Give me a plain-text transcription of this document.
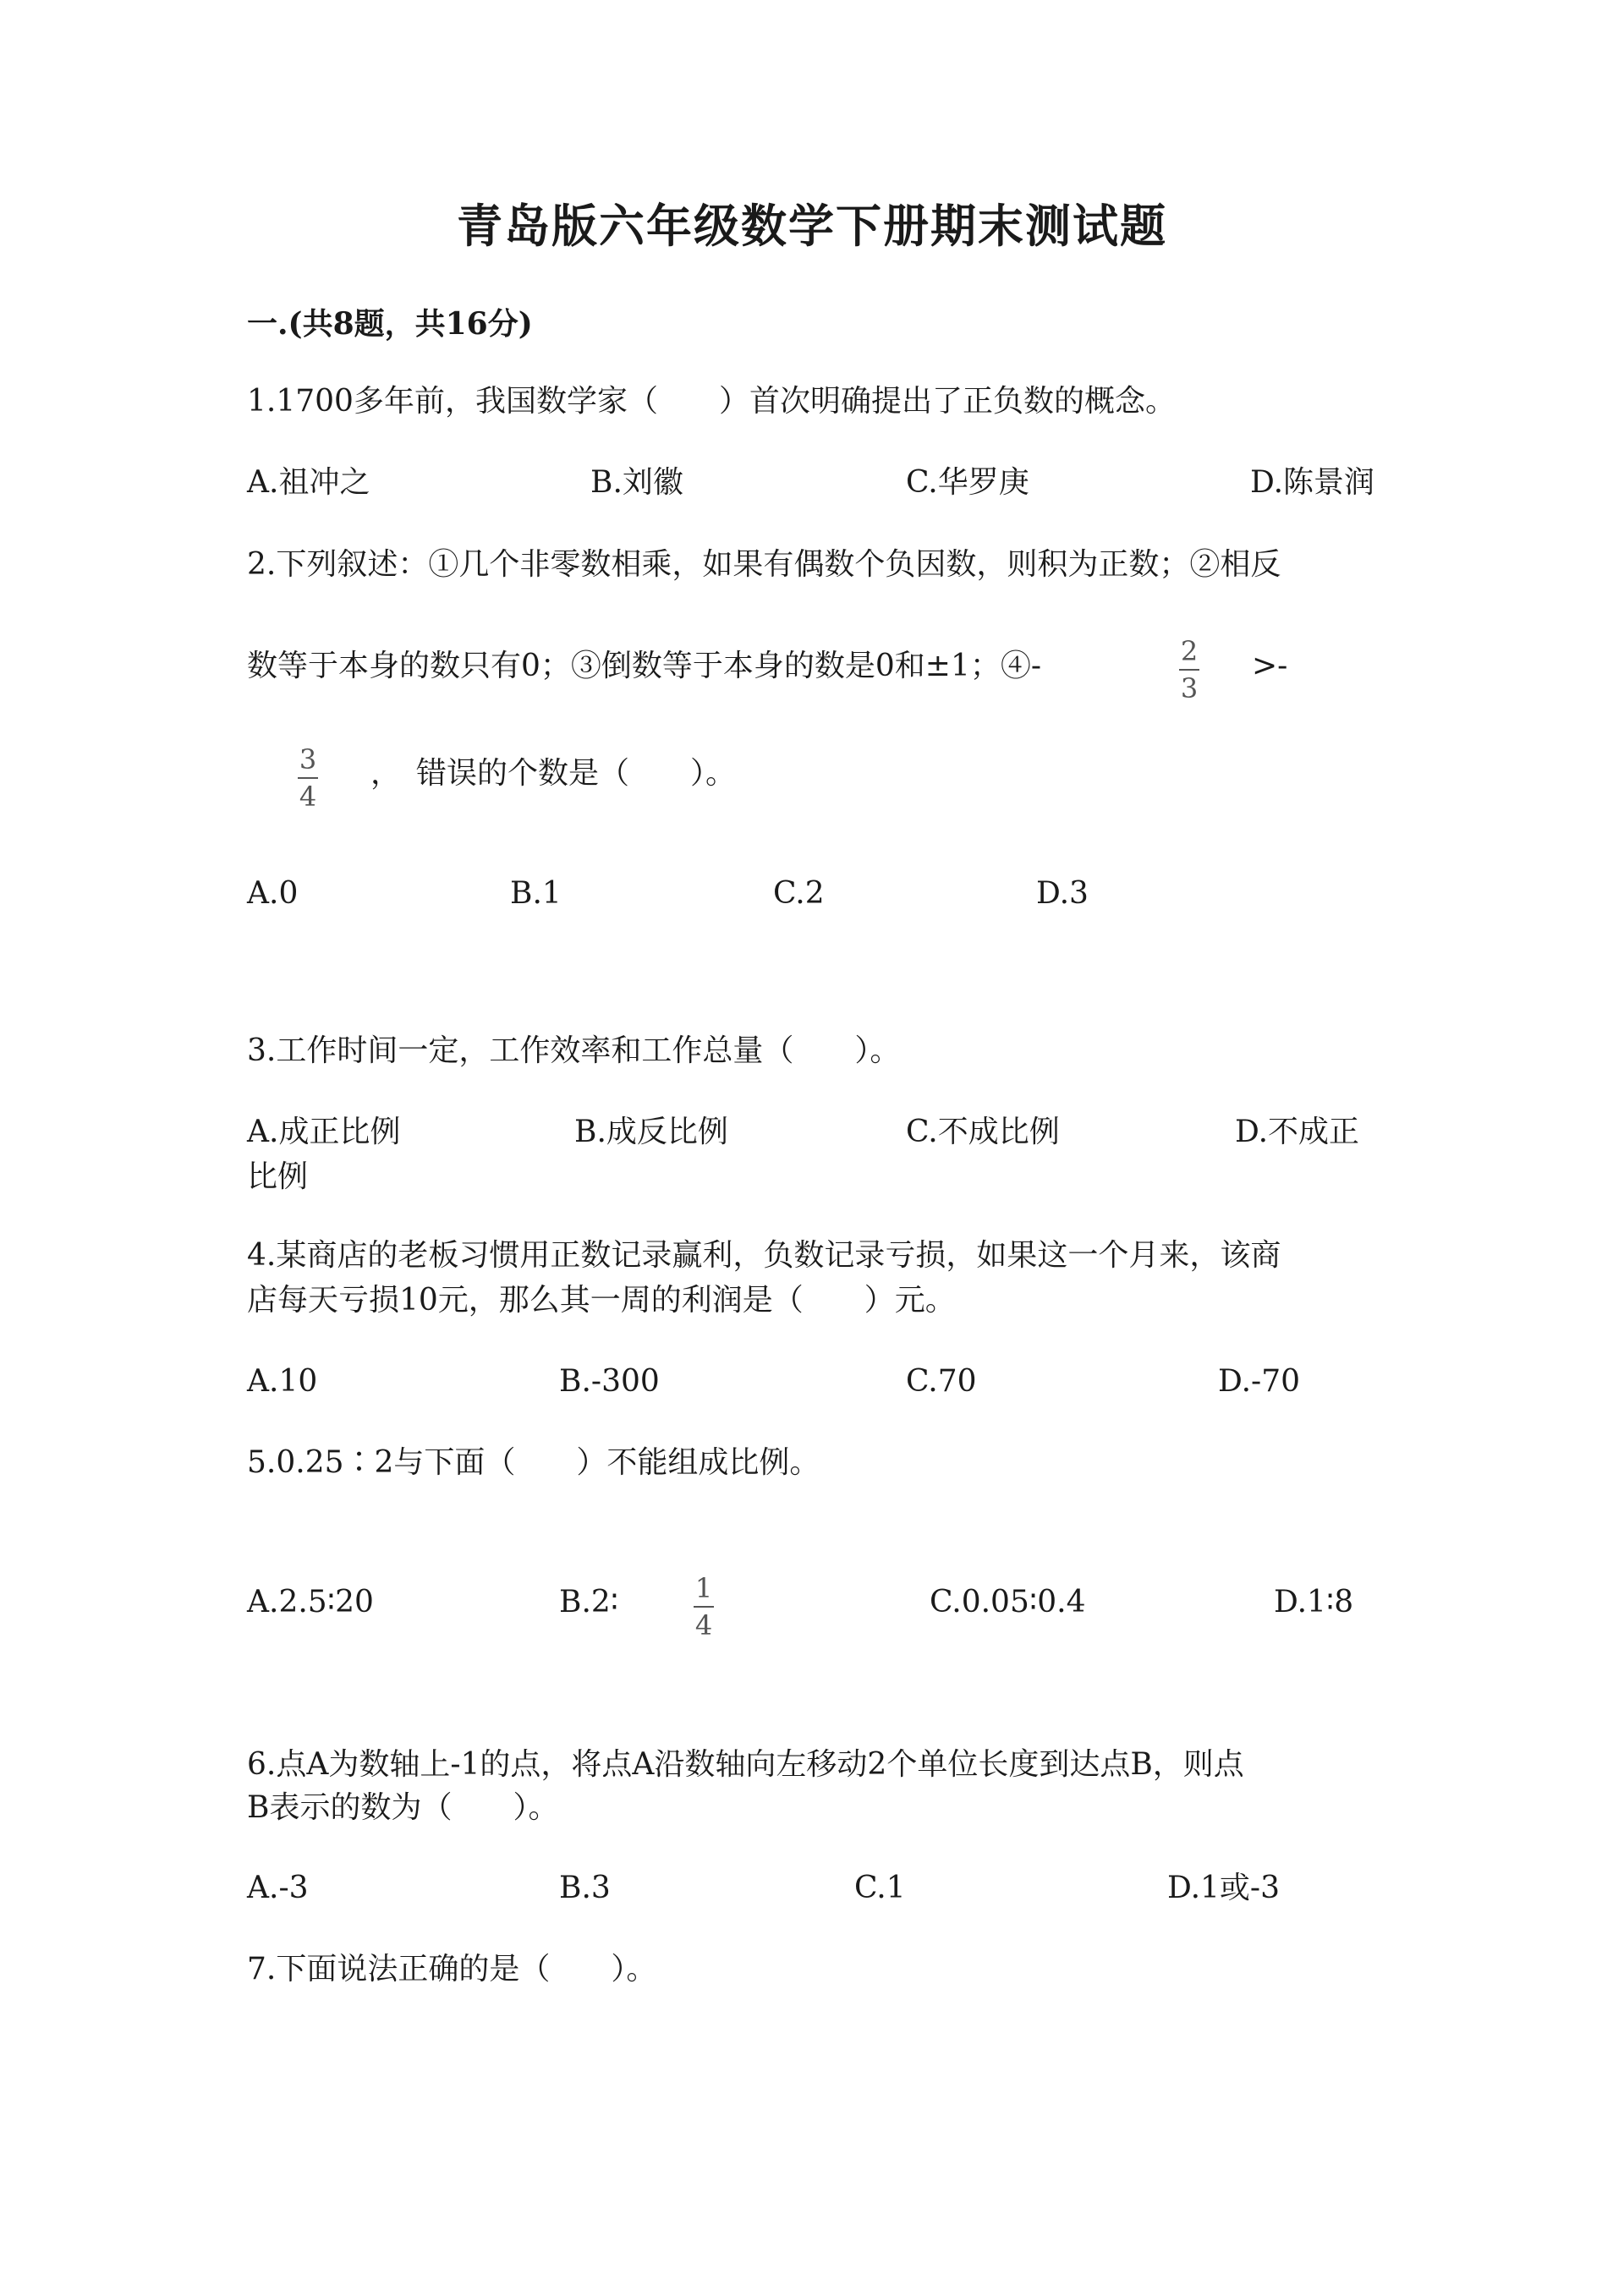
青岛版六年级数学下册期末测试题
一.(共8题，共16分)
1.1700多年前，我国数学家（　　）首次明确提出了正负数的概念。
A.祖冲之	B.刘徽	C.华罗庚	D.陈景润
2.下列叙述：①几个非零数相乘，如果有偶数个负因数，则积为正数；②相反
数等于本身的数只有0；③倒数等于本身的数是0和±1；④-	2
3
>-
3
4
，　错误的个数是（　　）。
A.0	B.1	C.2	D.3
3.工作时间一定，工作效率和工作总量（　　）。
A.成正比例	B.成反比例	C.不成比例	D.不成正
比例
4.某商店的老板习惯用正数记录赢利，负数记录亏损，如果这一个月来，该商
店每天亏损10元，那么其一周的利润是（　　）元。
A.10	B.-300	C.70	D.-70
5.0.25∶2与下面（　　）不能组成比例。
A.2.5∶20	B.2∶	1
4
C.0.05∶0.4	D.1∶8
6.点A为数轴上-1的点，将点A沿数轴向左移动2个单位长度到达点B，则点
B表示的数为（　　）。
A.-3	B.3	C.1	D.1或-3
7.下面说法正确的是（　　）。
